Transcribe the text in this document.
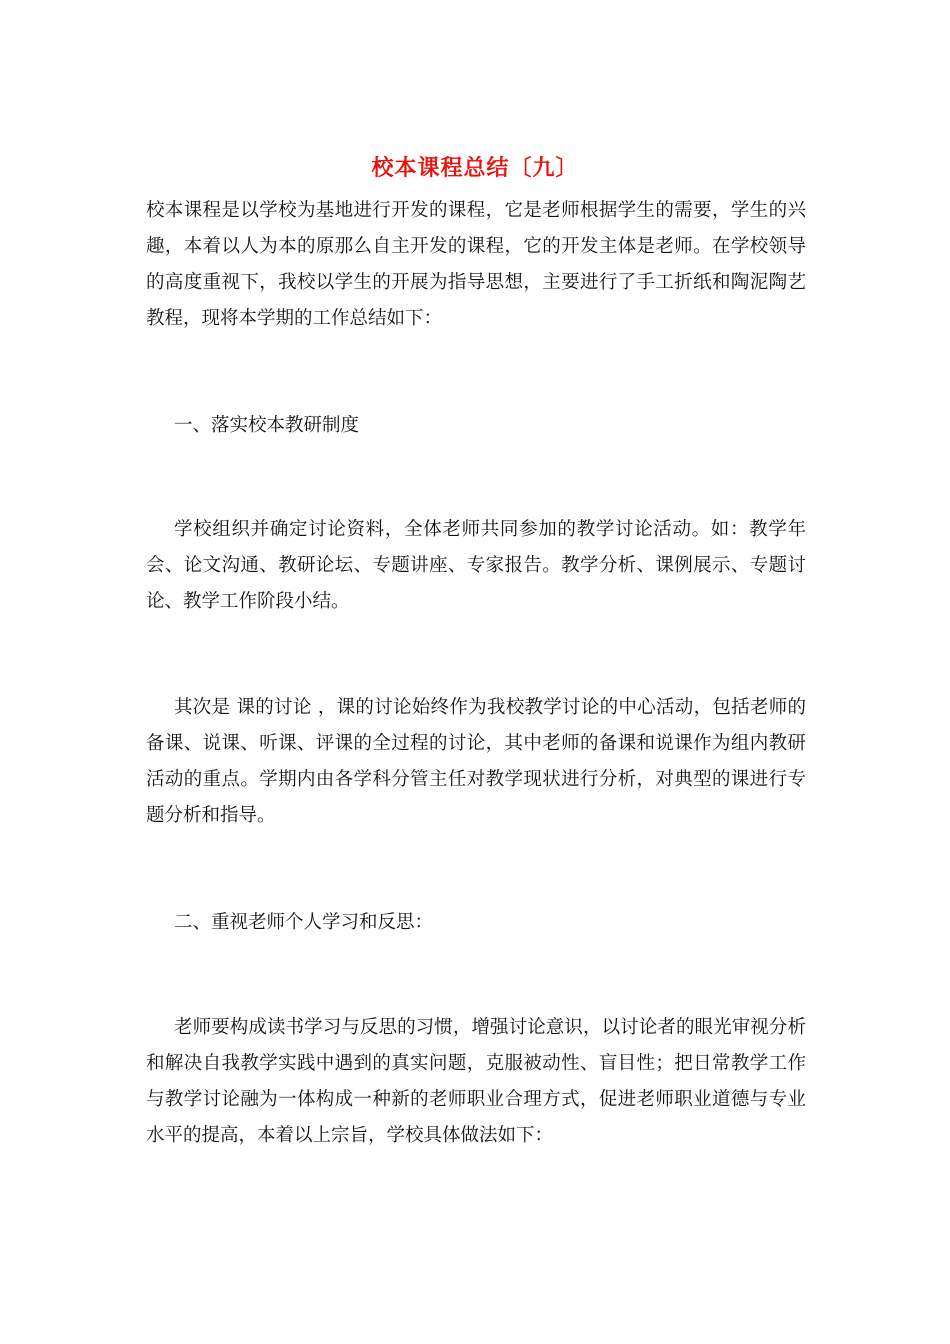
校本课程总结〔九〕

校本课程是以学校为基地进行开发的课程，它是老师根据学生的需要，学生的兴趣，本着以人为本的原那么自主开发的课程，它的开发主体是老师。在学校领导的高度重视下，我校以学生的开展为指导思想，主要进行了手工折纸和陶泥陶艺教程，现将本学期的工作总结如下：

一、落实校本教研制度

学校组织并确定讨论资料，全体老师共同参加的教学讨论活动。如：教学年会、论文沟通、教研论坛、专题讲座、专家报告。教学分析、课例展示、专题讨论、教学工作阶段小结。

其次是 课的讨论 ，课的讨论始终作为我校教学讨论的中心活动，包括老师的备课、说课、听课、评课的全过程的讨论，其中老师的备课和说课作为组内教研活动的重点。学期内由各学科分管主任对教学现状进行分析，对典型的课进行专题分析和指导。

二、重视老师个人学习和反思：

老师要构成读书学习与反思的习惯，增强讨论意识，以讨论者的眼光审视分析和解决自我教学实践中遇到的真实问题，克服被动性、盲目性；把日常教学工作与教学讨论融为一体构成一种新的老师职业合理方式，促进老师职业道德与专业水平的提高，本着以上宗旨，学校具体做法如下：
